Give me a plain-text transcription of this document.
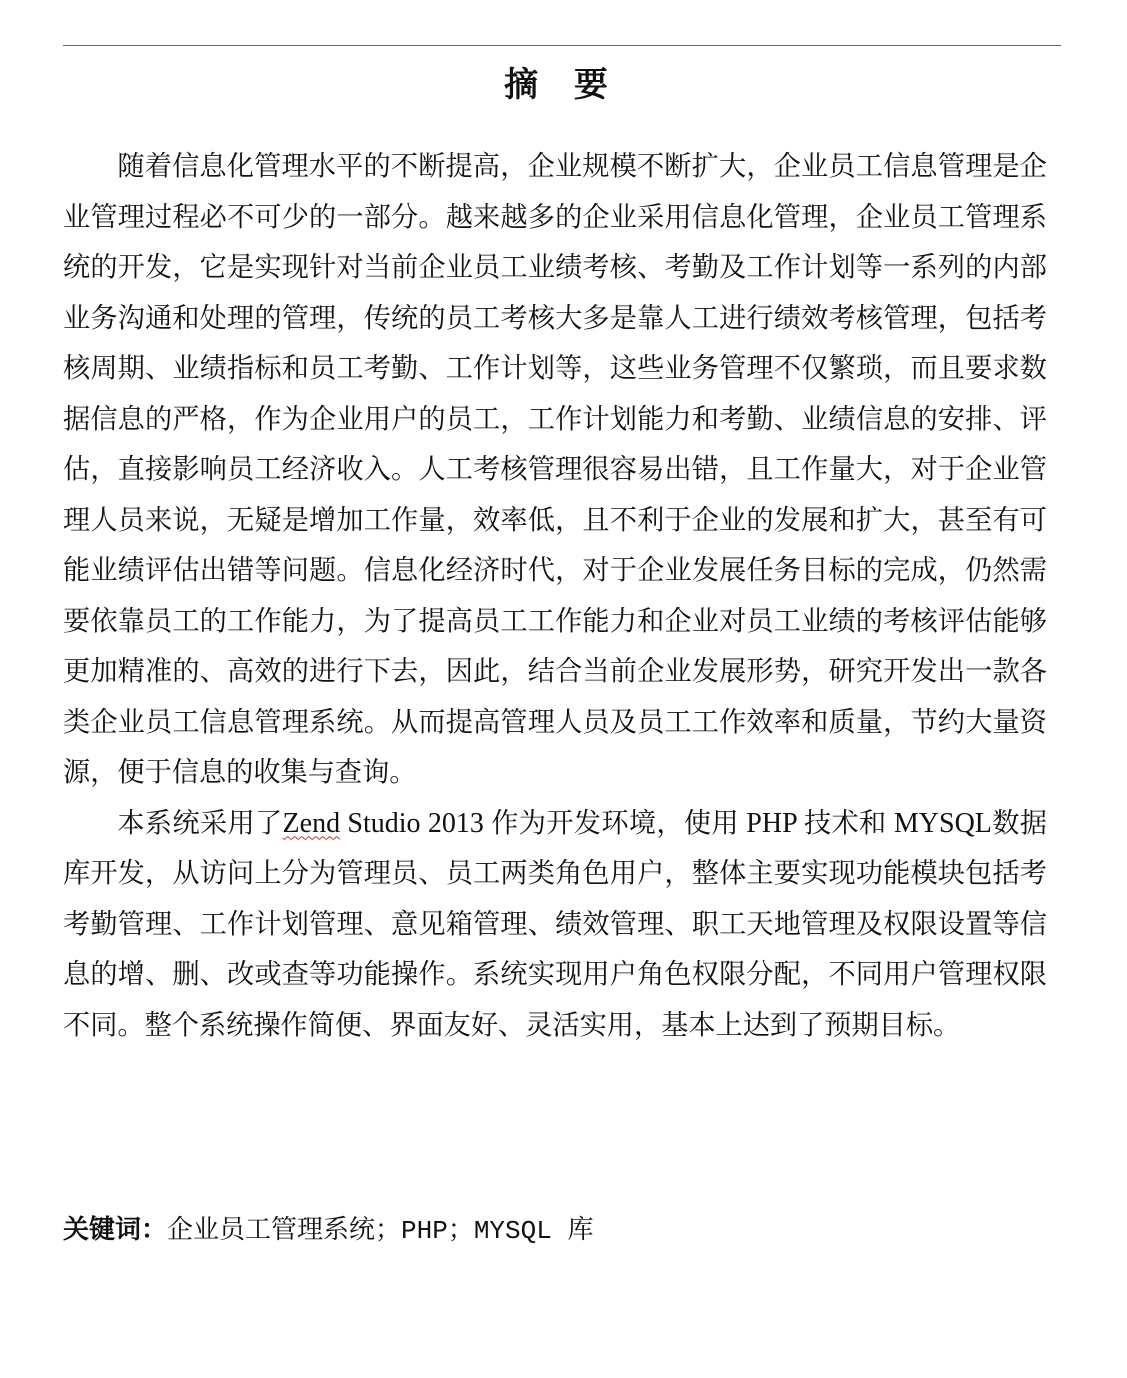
摘 要

随着信息化管理水平的不断提高，企业规模不断扩大，企业员工信息管理是企业管理过程必不可少的一部分。越来越多的企业采用信息化管理，企业员工管理系统的开发，它是实现针对当前企业员工业绩考核、考勤及工作计划等一系列的内部业务沟通和处理的管理，传统的员工考核大多是靠人工进行绩效考核管理，包括考核周期、业绩指标和员工考勤、工作计划等，这些业务管理不仅繁琐，而且要求数据信息的严格，作为企业用户的员工，工作计划能力和考勤、业绩信息的安排、评估，直接影响员工经济收入。人工考核管理很容易出错，且工作量大，对于企业管理人员来说，无疑是增加工作量，效率低，且不利于企业的发展和扩大，甚至有可能业绩评估出错等问题。信息化经济时代，对于企业发展任务目标的完成，仍然需要依靠员工的工作能力，为了提高员工工作能力和企业对员工业绩的考核评估能够更加精准的、高效的进行下去，因此，结合当前企业发展形势，研究开发出一款各类企业员工信息管理系统。从而提高管理人员及员工工作效率和质量，节约大量资源，便于信息的收集与查询。

本系统采用了Zend Studio 2013 作为开发环境，使用 PHP 技术和 MYSQL数据库开发，从访问上分为管理员、员工两类角色用户，整体主要实现功能模块包括考考勤管理、工作计划管理、意见箱管理、绩效管理、职工天地管理及权限设置等信息的增、删、改或查等功能操作。系统实现用户角色权限分配，不同用户管理权限不同。整个系统操作简便、界面友好、灵活实用，基本上达到了预期目标。

关键词：企业员工管理系统；PHP；MYSQL 库
